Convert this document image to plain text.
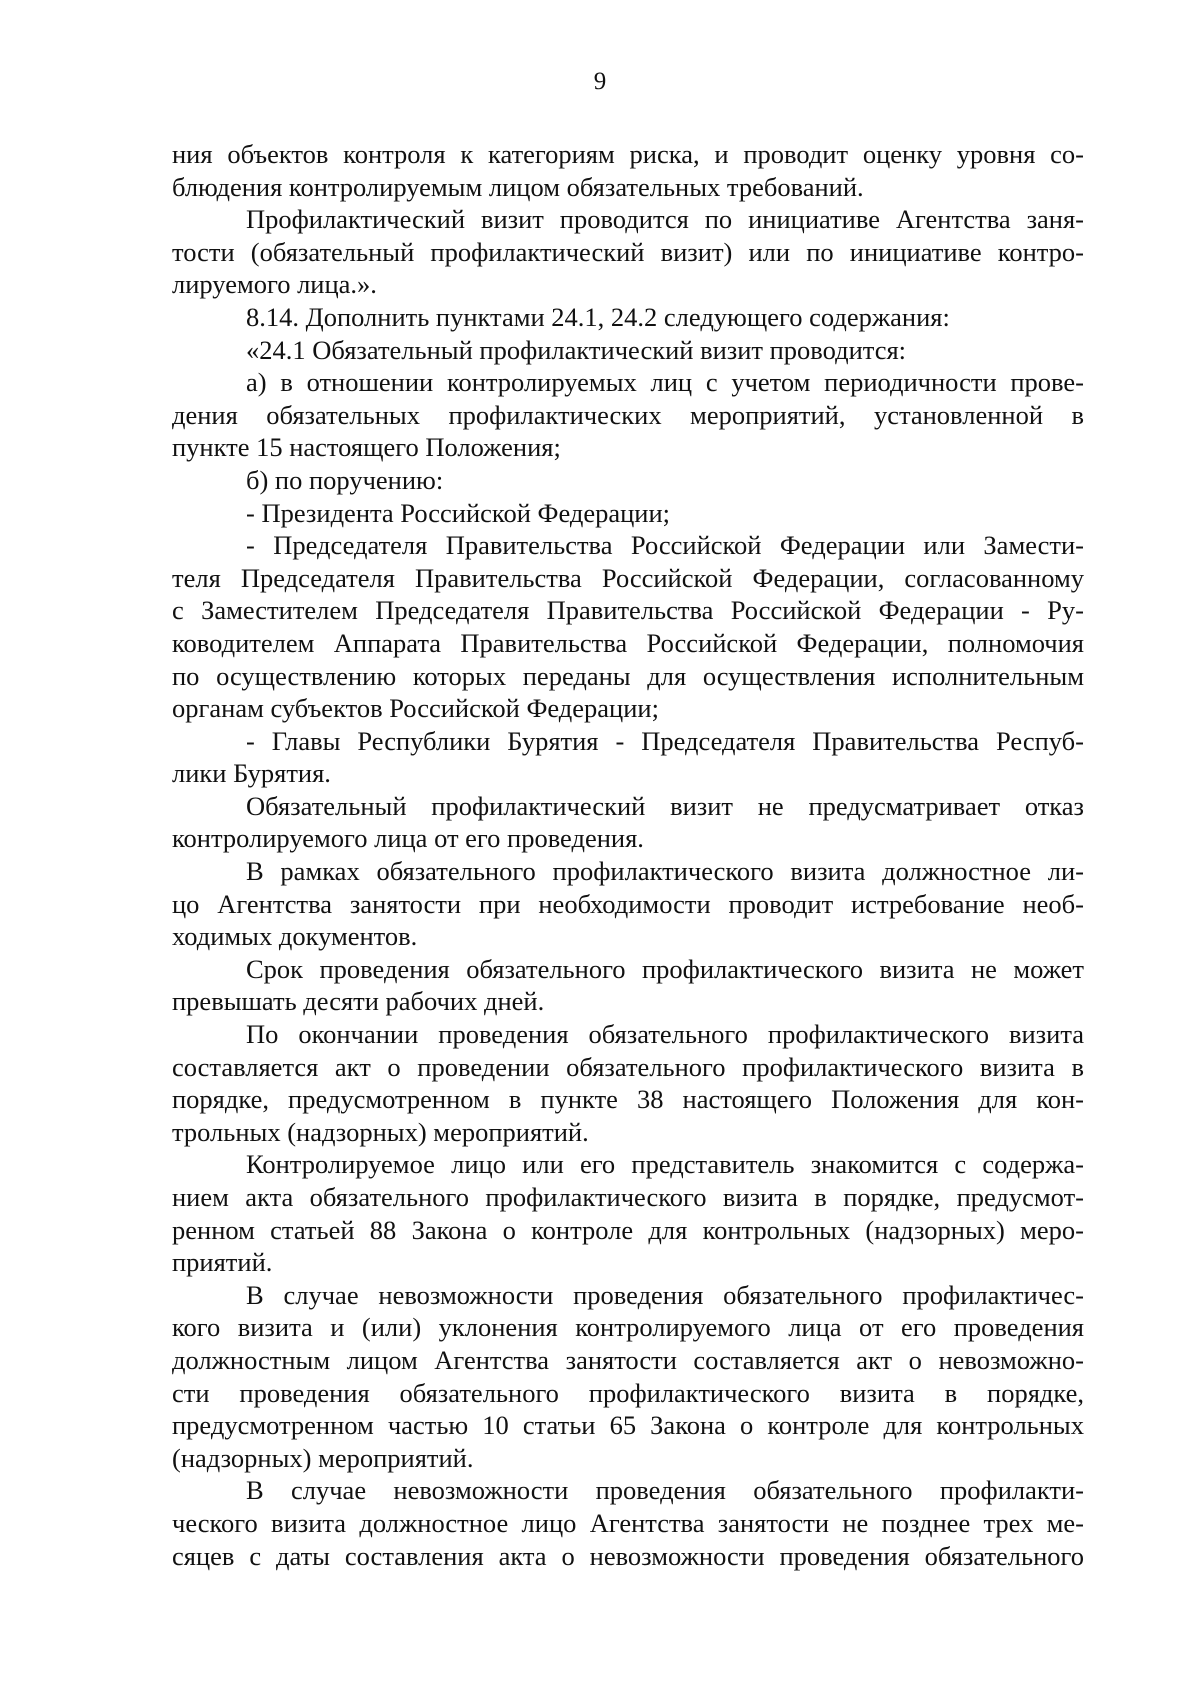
9
ния объектов контроля к категориям риска, и проводит оценку уровня со-
блюдения контролируемым лицом обязательных требований.
Профилактический визит проводится по инициативе Агентства заня-
тости (обязательный профилактический визит) или по инициативе контро-
лируемого лица.».
8.14. Дополнить пунктами 24.1, 24.2 следующего содержания:
«24.1 Обязательный профилактический визит проводится:
а) в отношении контролируемых лиц с учетом периодичности прове-
дения обязательных профилактических мероприятий, установленной в
пункте 15 настоящего Положения;
б) по поручению:
- Президента Российской Федерации;
- Председателя Правительства Российской Федерации или Замести-
теля Председателя Правительства Российской Федерации, согласованному
с Заместителем Председателя Правительства Российской Федерации - Ру-
ководителем Аппарата Правительства Российской Федерации, полномочия
по осуществлению которых переданы для осуществления исполнительным
органам субъектов Российской Федерации;
- Главы Республики Бурятия - Председателя Правительства Респуб-
лики Бурятия.
Обязательный профилактический визит не предусматривает отказ
контролируемого лица от его проведения.
В рамках обязательного профилактического визита должностное ли-
цо Агентства занятости при необходимости проводит истребование необ-
ходимых документов.
Срок проведения обязательного профилактического визита не может
превышать десяти рабочих дней.
По окончании проведения обязательного профилактического визита
составляется акт о проведении обязательного профилактического визита в
порядке, предусмотренном в пункте 38 настоящего Положения для кон-
трольных (надзорных) мероприятий.
Контролируемое лицо или его представитель знакомится с содержа-
нием акта обязательного профилактического визита в порядке, предусмот-
ренном статьей 88 Закона о контроле для контрольных (надзорных) меро-
приятий.
В случае невозможности проведения обязательного профилактичес-
кого визита и (или) уклонения контролируемого лица от его проведения
должностным лицом Агентства занятости составляется акт о невозможно-
сти проведения обязательного профилактического визита в порядке,
предусмотренном частью 10 статьи 65 Закона о контроле для контрольных
(надзорных) мероприятий.
В случае невозможности проведения обязательного профилакти-
ческого визита должностное лицо Агентства занятости не позднее трех ме-
сяцев с даты составления акта о невозможности проведения обязательного
